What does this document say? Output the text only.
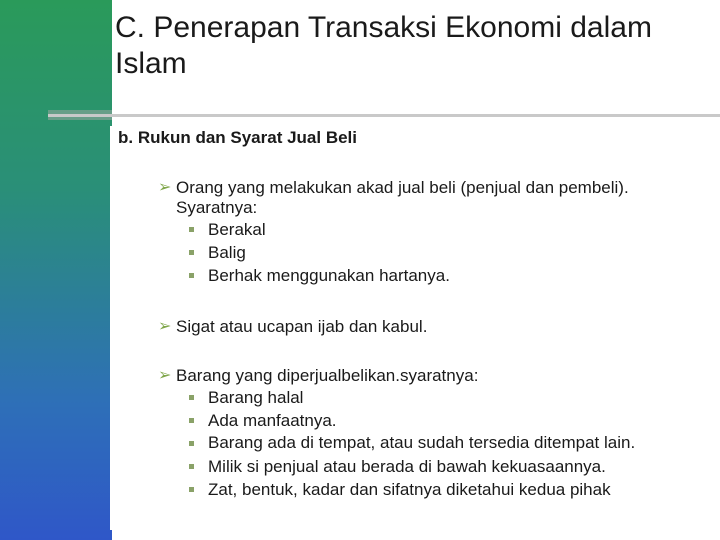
C. Penerapan Transaksi Ekonomi dalam Islam
b. Rukun dan Syarat Jual Beli
➢ Orang yang melakukan akad jual beli (penjual dan pembeli). Syaratnya:
Berakal
Balig
Berhak menggunakan hartanya.
➢ Sigat atau ucapan ijab dan kabul.
➢ Barang yang diperjualbelikan.syaratnya:
Barang halal
Ada manfaatnya.
Barang ada di tempat, atau sudah tersedia ditempat lain.
Milik si penjual atau berada di bawah kekuasaannya.
Zat, bentuk, kadar dan sifatnya diketahui kedua pihak
